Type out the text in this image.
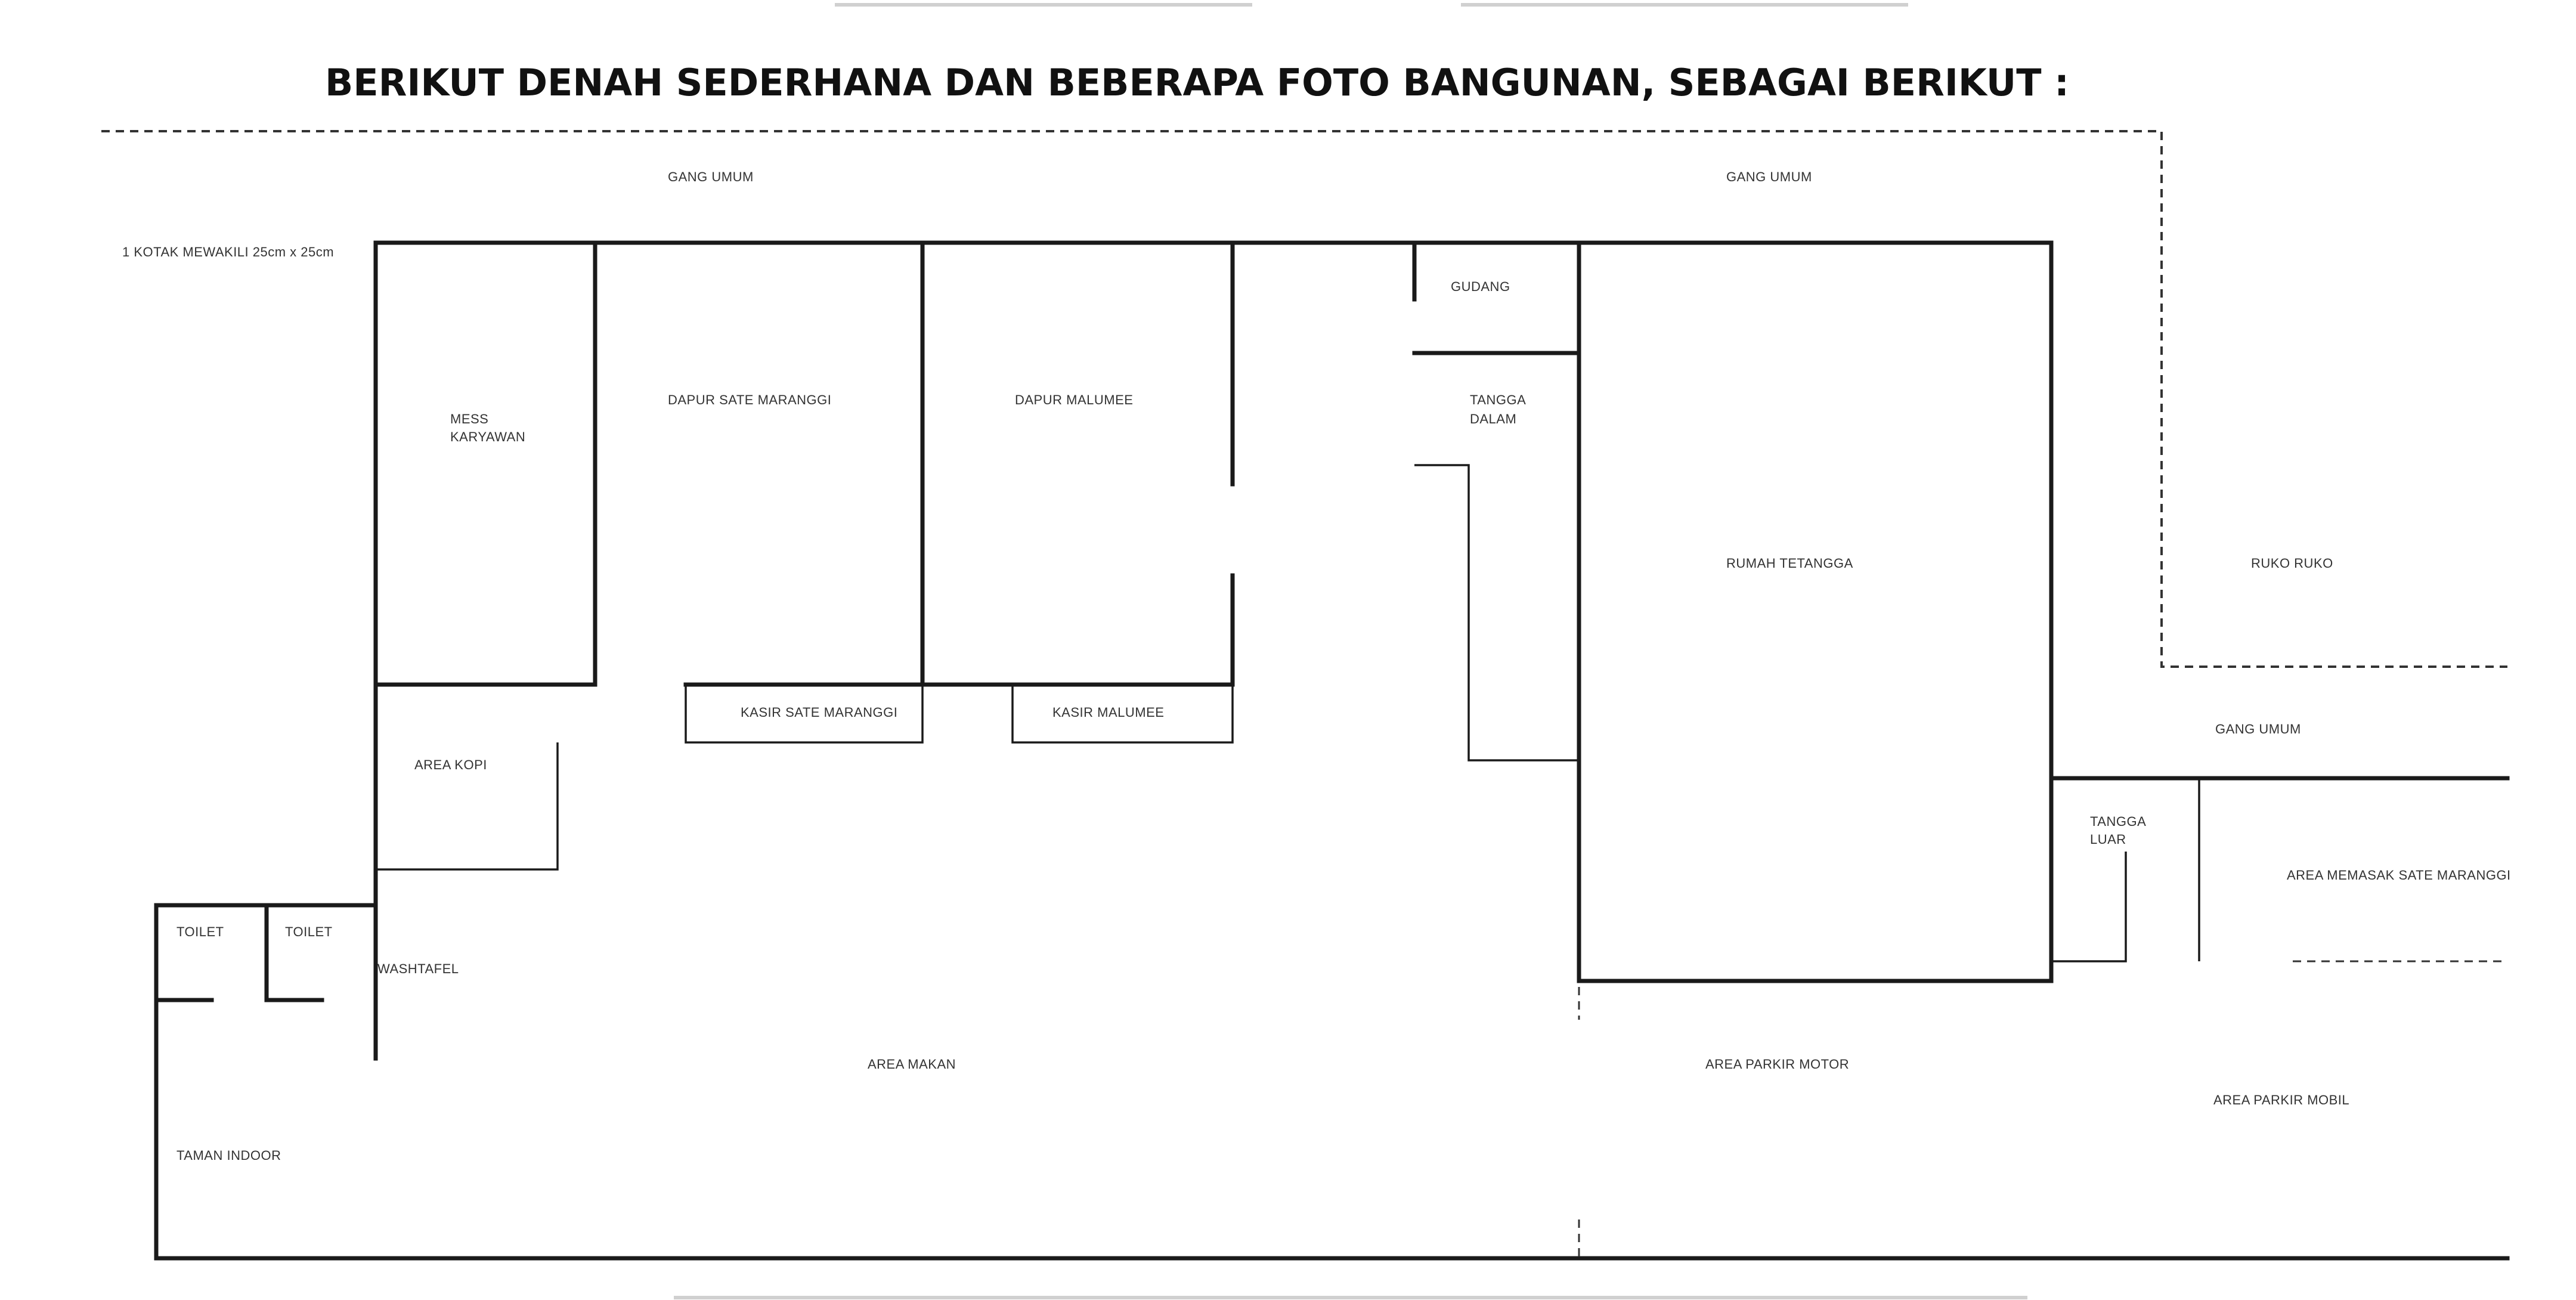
BERIKUT DENAH SEDERHANA DAN BEBERAPA FOTO BANGUNAN, SEBAGAI BERIKUT :
GANG UMUM	GANG UMUM
1 KOTAK MEWAKILI 25cm x 25cm
MESS
KARYAWAN
DAPUR SATE MARANGGI	DAPUR MALUMEE
GUDANG
TANGGA
DALAM
RUMAH TETANGGA	RUKO RUKO
KASIR SATE MARANGGI	KASIR MALUMEE
AREA KOPI
GANG UMUM
TANGGA
LUAR
AREA MEMASAK SATE MARANGGI
TOILET	TOILET
WASHTAFEL
AREA MAKAN	AREA PARKIR MOTOR
AREA PARKIR MOBIL
TAMAN INDOOR
